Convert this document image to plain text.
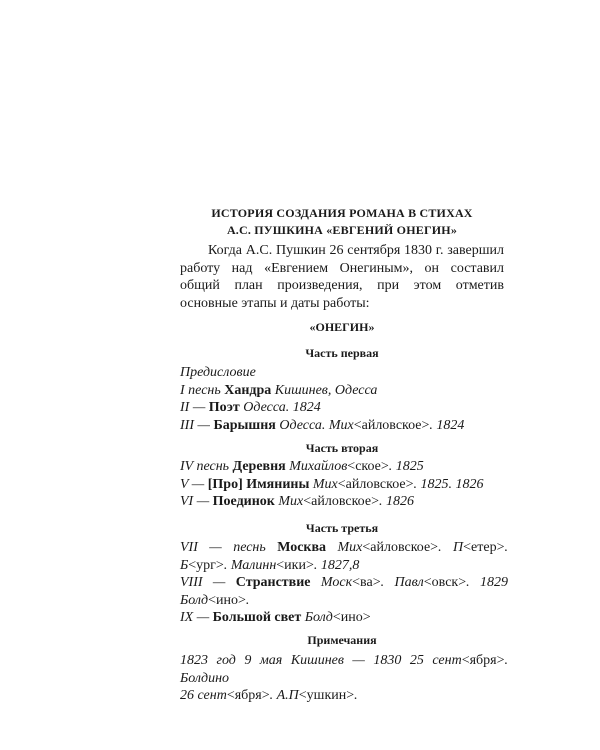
ИСТОРИЯ СОЗДАНИЯ РОМАНА В СТИХАХ
А.С. ПУШКИНА «ЕВГЕНИЙ ОНЕГИН»

Когда А.С. Пушкин 26 сентября 1830 г. завершил работу над «Евгением Онегиным», он составил общий план произведения, при этом отметив основные этапы и даты работы:

«ОНЕГИН»
Часть первая
Предисловие
I песнь Хандра Кишинев, Одесса
II — Поэт Одесса. 1824
III — Барышня Одесса. Мих<айловское>. 1824
Часть вторая
IV песнь Деревня Михайлов<ское>. 1825
V — [Про] Имянины Мих<айловское>. 1825. 1826
VI — Поединок Мих<айловское>. 1826
Часть третья
VII — песнь Москва Мих<айловское>. П<етер>.
Б<ург>. Малинн<ики>. 1827,8
VIII — Странствие Моск<ва>. Павл<овск>. 1829
Болд<ино>.
IX — Большой свет Болд<ино>
Примечания
1823 год 9 мая Кишинев — 1830 25 сент<ября>. Болдино
26 сент<ября>. А.П<ушкин>.
